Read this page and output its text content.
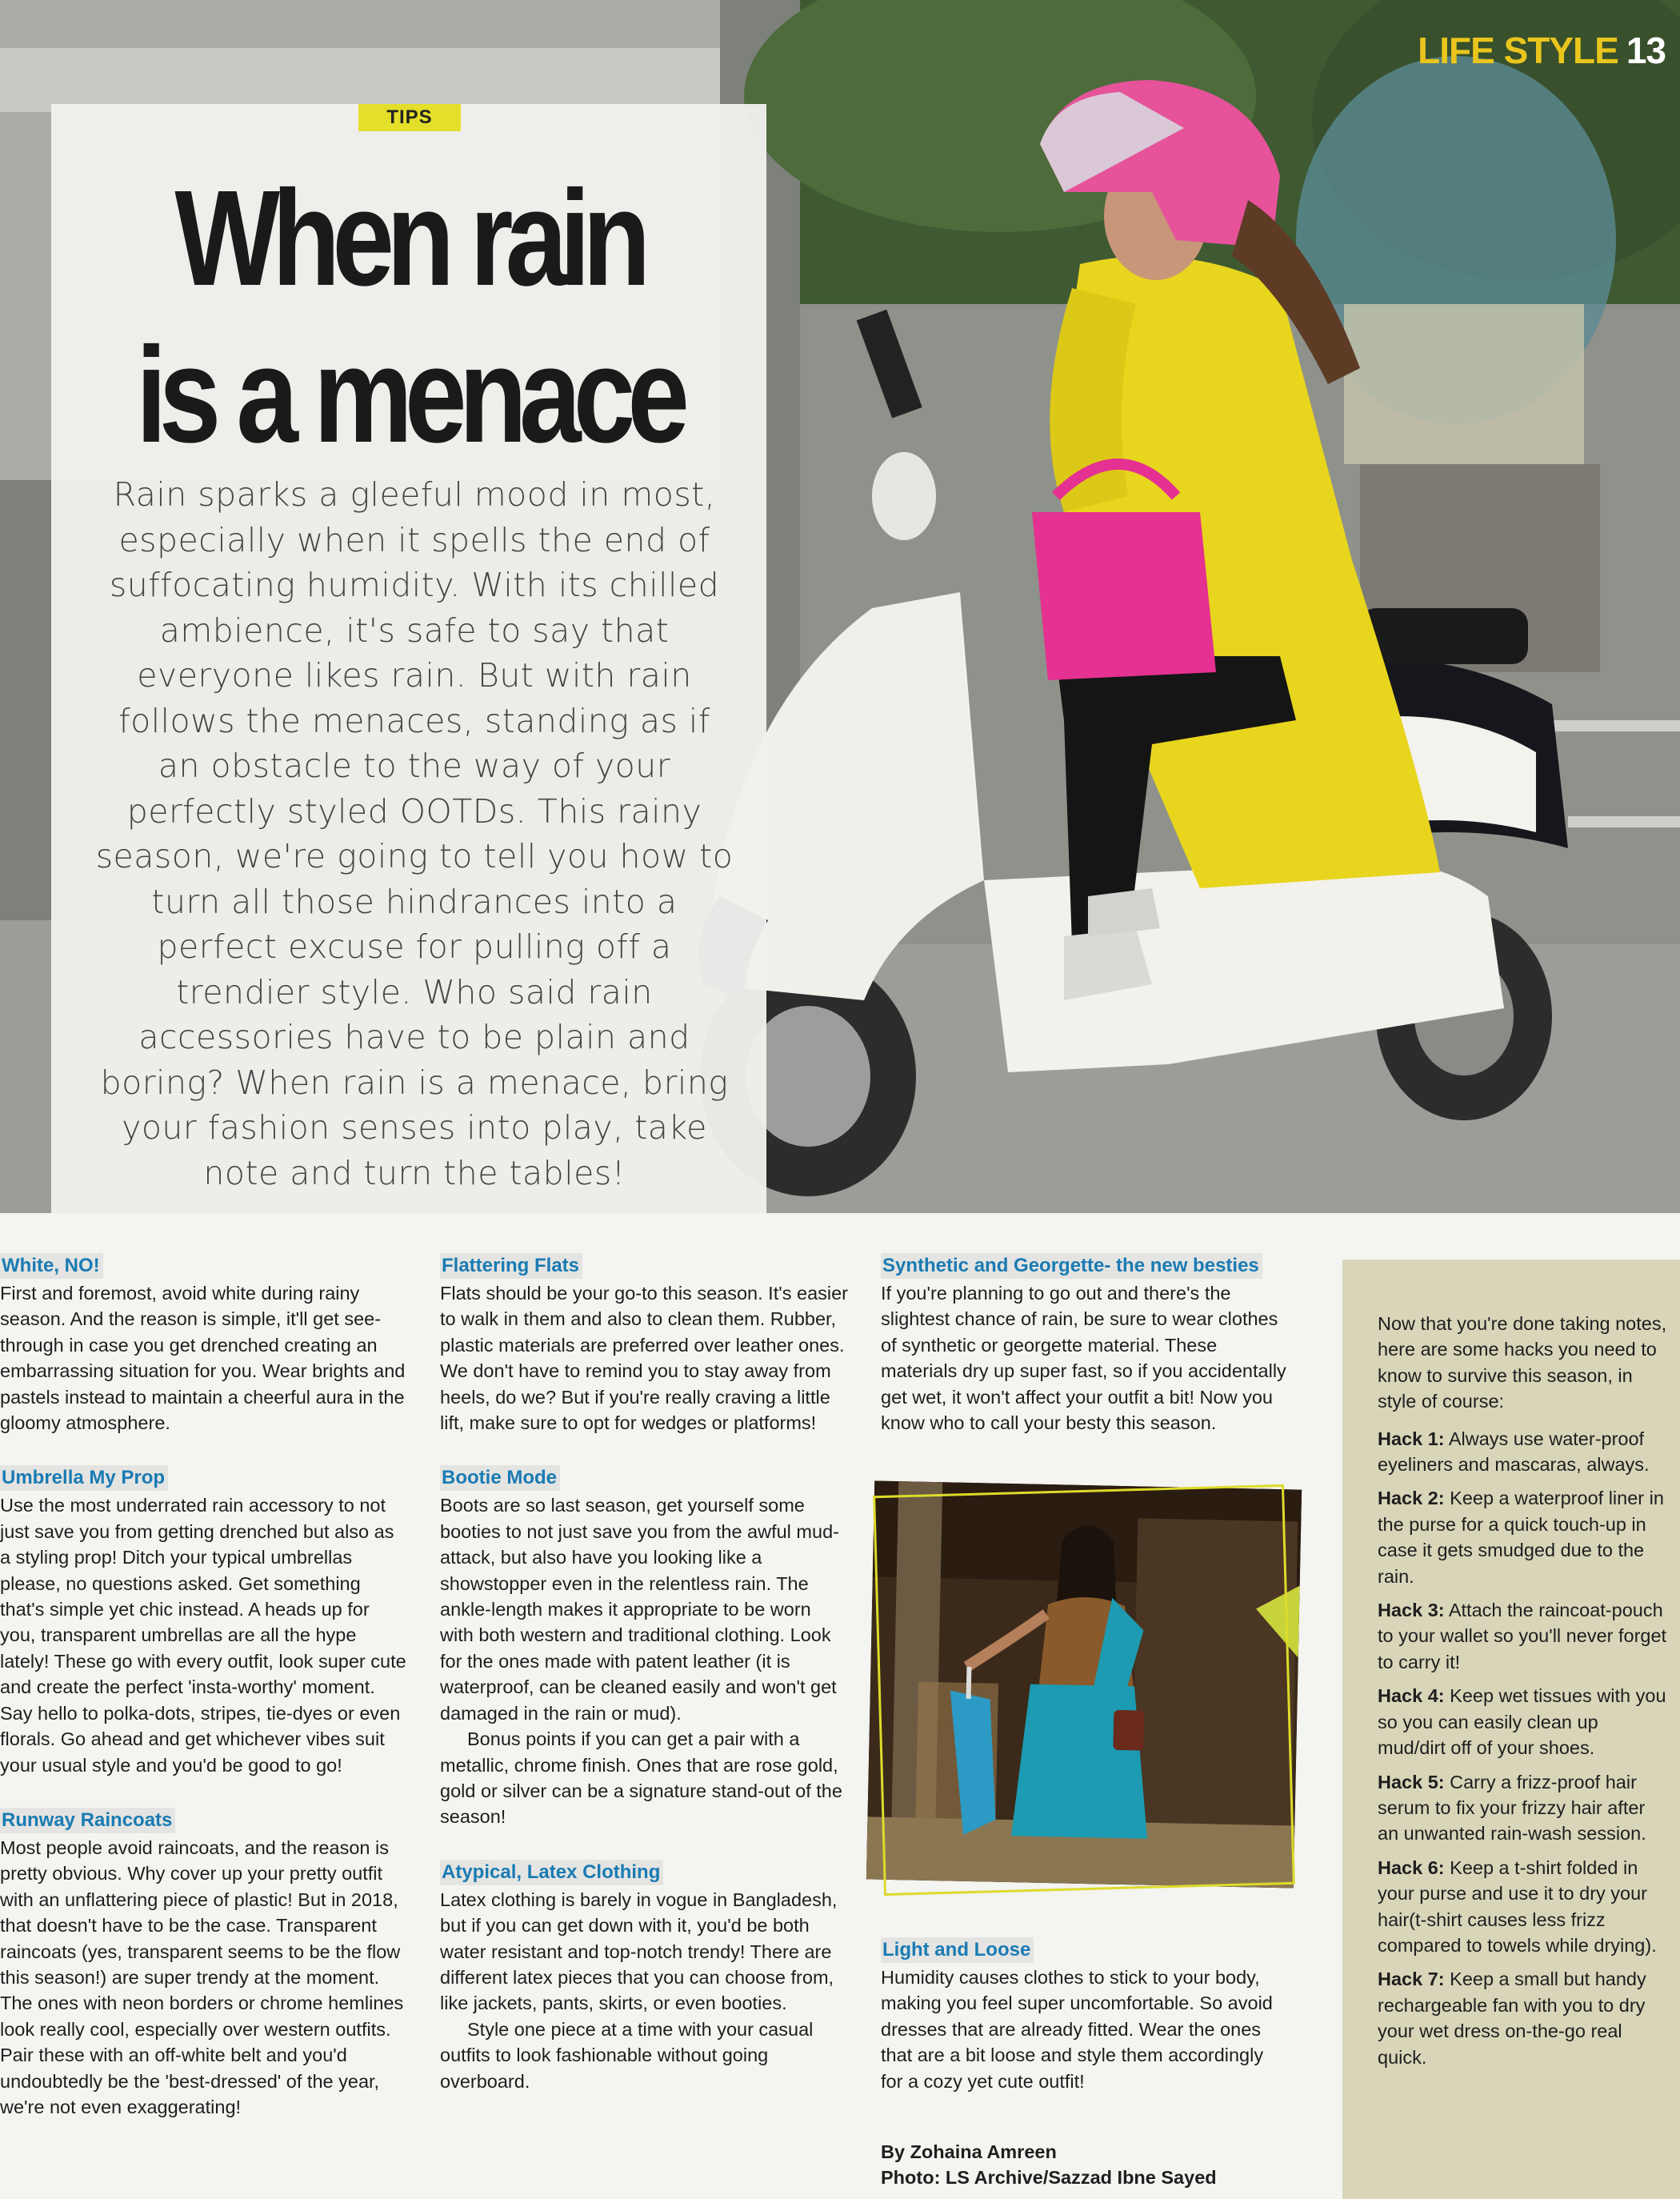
LIFE STYLE 13
TIPS
When rain
is a menace
Rain sparks a gleeful mood in most, especially when it spells the end of suffocating humidity. With its chilled ambience, it's safe to say that everyone likes rain. But with rain follows the menaces, standing as if an obstacle to the way of your perfectly styled OOTDs. This rainy season, we're going to tell you how to turn all those hindrances into a perfect excuse for pulling off a trendier style. Who said rain accessories have to be plain and boring? When rain is a menace, bring your fashion senses into play, take note and turn the tables!
White, NO!

First and foremost, avoid white during rainy season. And the reason is simple, it'll get see-through in case you get drenched creating an embarrassing situation for you. Wear brights and pastels instead to maintain a cheerful aura in the gloomy atmosphere.

Umbrella My Prop

Use the most underrated rain accessory to not just save you from getting drenched but also as a styling prop! Ditch your typical umbrellas please, no questions asked. Get something that's simple yet chic instead. A heads up for you, transparent umbrellas are all the hype lately! These go with every outfit, look super cute and create the perfect 'insta-worthy' moment. Say hello to polka-dots, stripes, tie-dyes or even florals. Go ahead and get whichever vibes suit your usual style and you'd be good to go!

Runway Raincoats

Most people avoid raincoats, and the reason is pretty obvious. Why cover up your pretty outfit with an unflattering piece of plastic! But in 2018, that doesn't have to be the case. Transparent raincoats (yes, transparent seems to be the flow this season!) are super trendy at the moment. The ones with neon borders or chrome hemlines look really cool, especially over western outfits. Pair these with an off-white belt and you'd undoubtedly be the 'best-dressed' of the year, we're not even exaggerating!

Flattering Flats

Flats should be your go-to this season. It's easier to walk in them and also to clean them. Rubber, plastic materials are preferred over leather ones. We don't have to remind you to stay away from heels, do we? But if you're really craving a little lift, make sure to opt for wedges or platforms!

Bootie Mode

Boots are so last season, get yourself some booties to not just save you from the awful mud-attack, but also have you looking like a showstopper even in the relentless rain. The ankle-length makes it appropriate to be worn with both western and traditional clothing. Look for the ones made with patent leather (it is waterproof, can be cleaned easily and won't get damaged in the rain or mud).

Bonus points if you can get a pair with a metallic, chrome finish. Ones that are rose gold, gold or silver can be a signature stand-out of the season!

Atypical, Latex Clothing

Latex clothing is barely in vogue in Bangladesh, but if you can get down with it, you'd be both water resistant and top-notch trendy! There are different latex pieces that you can choose from, like jackets, pants, skirts, or even booties.

Style one piece at a time with your casual outfits to look fashionable without going overboard.

Synthetic and Georgette- the new besties

If you're planning to go out and there's the slightest chance of rain, be sure to wear clothes of synthetic or georgette material. These materials dry up super fast, so if you accidentally get wet, it won't affect your outfit a bit! Now you know who to call your besty this season.

Light and Loose

Humidity causes clothes to stick to your body, making you feel super uncomfortable. So avoid dresses that are already fitted. Wear the ones that are a bit loose and style them accordingly for a cozy yet cute outfit!

By Zohaina Amreen
Photo: LS Archive/Sazzad Ibne Sayed

Now that you're done taking notes, here are some hacks you need to know to survive this season, in style of course:

Hack 1: Always use water-proof eyeliners and mascaras, always.

Hack 2: Keep a waterproof liner in the purse for a quick touch-up in case it gets smudged due to the rain.

Hack 3: Attach the raincoat-pouch to your wallet so you'll never forget to carry it!

Hack 4: Keep wet tissues with you so you can easily clean up mud/dirt off of your shoes.

Hack 5: Carry a frizz-proof hair serum to fix your frizzy hair after an unwanted rain-wash session.

Hack 6: Keep a t-shirt folded in your purse and use it to dry your hair(t-shirt causes less frizz compared to towels while drying).

Hack 7: Keep a small but handy rechargeable fan with you to dry your wet dress on-the-go real quick.
